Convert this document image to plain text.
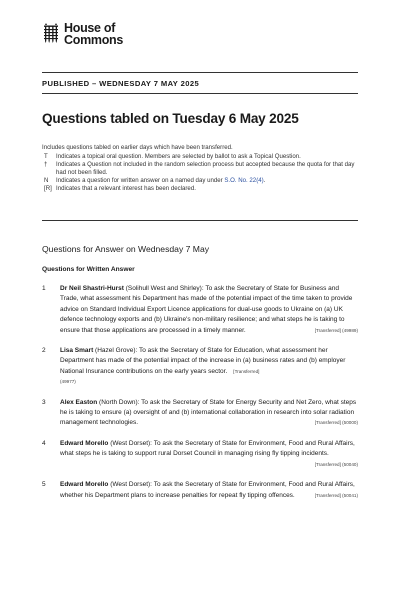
House of
Commons
PUBLISHED – WEDNESDAY 7 MAY 2025
Questions tabled on Tuesday 6 May 2025
Includes questions tabled on earlier days which have been transferred.
T	Indicates a topical oral question. Members are selected by ballot to ask a Topical Question.
†	Indicates a Question not included in the random selection process but accepted because the quota for that day had not been filled.
N	Indicates a question for written answer on a named day under S.O. No. 22(4).
[R] Indicates that a relevant interest has been declared.
Questions for Answer on Wednesday 7 May
Questions for Written Answer
1	Dr Neil Shastri-Hurst (Solihull West and Shirley): To ask the Secretary of State for Business and Trade, what assessment his Department has made of the potential impact of the time taken to provide advice on Standard Individual Export Licence applications for dual-use goods to Ukraine on (a) UK defence technology exports and (b) Ukraine's non-military resilience; and what steps he is taking to ensure that those applications are processed in a timely manner.	[Transferred] (49989)
2	Lisa Smart (Hazel Grove): To ask the Secretary of State for Education, what assessment her Department has made of the potential impact of the increase in (a) business rates and (b) employer National Insurance contributions on the early years sector. [Transferred]
(49977)
3	Alex Easton (North Down): To ask the Secretary of State for Energy Security and Net Zero, what steps he is taking to ensure (a) oversight of and (b) international collaboration in research into solar radiation management technologies.	[Transferred] (50000)
4	Edward Morello (West Dorset): To ask the Secretary of State for Environment, Food and Rural Affairs, what steps he is taking to support rural Dorset Council in managing rising fly tipping incidents.
[Transferred] (50040)
5	Edward Morello (West Dorset): To ask the Secretary of State for Environment, Food and Rural Affairs, whether his Department plans to increase penalties for repeat fly tipping offences.	[Transferred] (50041)
